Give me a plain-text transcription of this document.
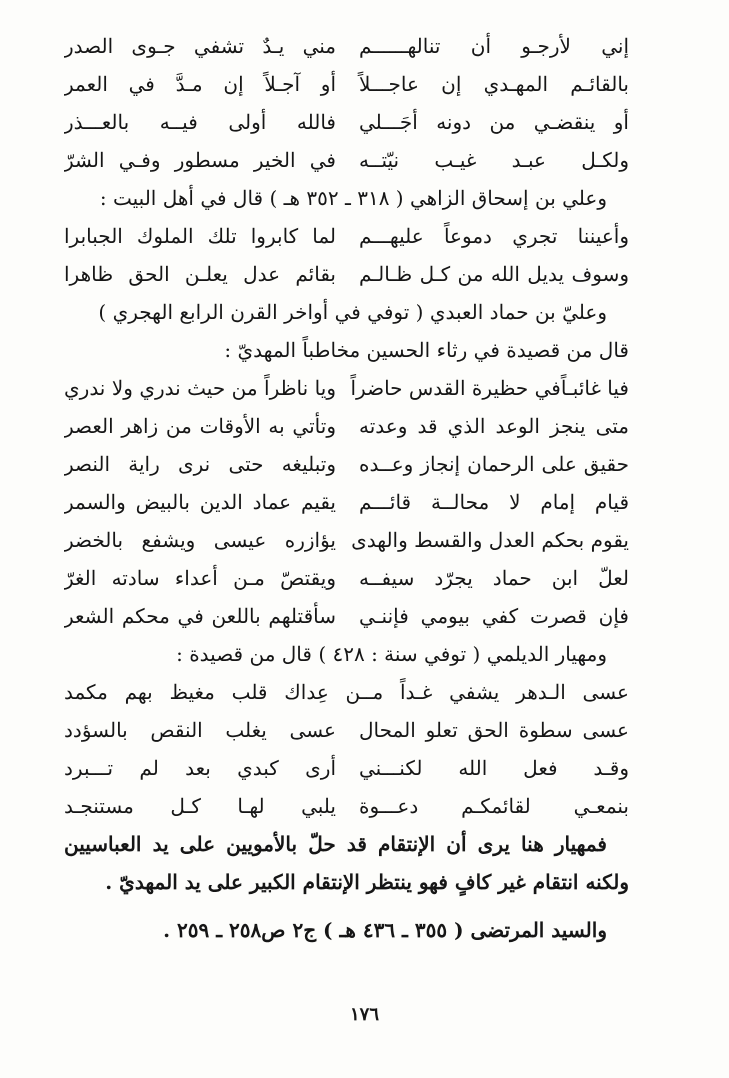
إني لأرجـو أن تنالهــــــم
مني يـدٌ تشفي جـوى الصدر
بالقائـم المهـدي إن عاجـــلاً
أو آجـلاً إن مـدَّ في العمر
أو ينقضـي من دونه أجَـــلي
فالله أولى فيــه بالعـــذر
ولكـل عبـد غيـب نيّتــه
في الخير مسطور وفـي الشرّ
وعلي بن إسحاق الزاهي ( ٣١٨ ـ ٣٥٢ هـ ) قال في أهل البيت :
وأعيننا تجري دموعاً عليهـــم
لما كابروا تلك الملوك الجبابرا
وسوف يديل الله من كـل ظـالـم
بقائم عدل يعلـن الحق ظاهرا
وعليّ بن حماد العبدي ( توفي في أواخر القرن الرابع الهجري )
قال من قصيدة في رثاء الحسين مخاطباً المهديّ :
فيا غائبـاًفي حظيرة القدس حاضراً
ويا ناظراً من حيث ندري ولا ندري
متى ينجز الوعد الذي قد وعدته
وتأتي به الأوقات من زاهر العصر
حقيق على الرحمان إنجاز وعــده
وتبليغه حتى نرى راية النصر
قيام إمام لا محالــة قائـــم
يقيم عماد الدين بالبيض والسمر
يقوم بحكم العدل والقسط والهدى
يؤازره عيسى ويشفع بالخضر
لعلّ ابن حماد يجرّد سيفــه
ويقتصّ مـن أعداء سادته الغرّ
فإن قصرت كفي بيومي فإننـي
سأقتلهم باللعن في محكم الشعر
ومهيار الديلمي ( توفي سنة : ٤٢٨ ) قال من قصيدة :
عسى الـدهر يشفي غـداً مــن عِداك قلب مغيظ بهم مكمد
عسى سطوة الحق تعلو المحال
عسى يغلب النقص بالسؤدد
وقـد فعل الله لكنـــني
أرى كبدي بعد لم تـــبرد
بنمعـي لقائمكـم دعـــوة
يلبي لهـا كـل مستنجـد
فمهيار هنا يرى أن الإنتقام قد حلّ بالأمويين على يد العباسيين
ولكنه انتقام غير كافٍ فهو ينتظر الإنتقام الكبير على يد المهديّ .
والسيد المرتضى ( ٣٥٥ ـ ٤٣٦ هـ ) ج٢ ص٢٥٨ ـ ٢٥٩ .
١٧٦
